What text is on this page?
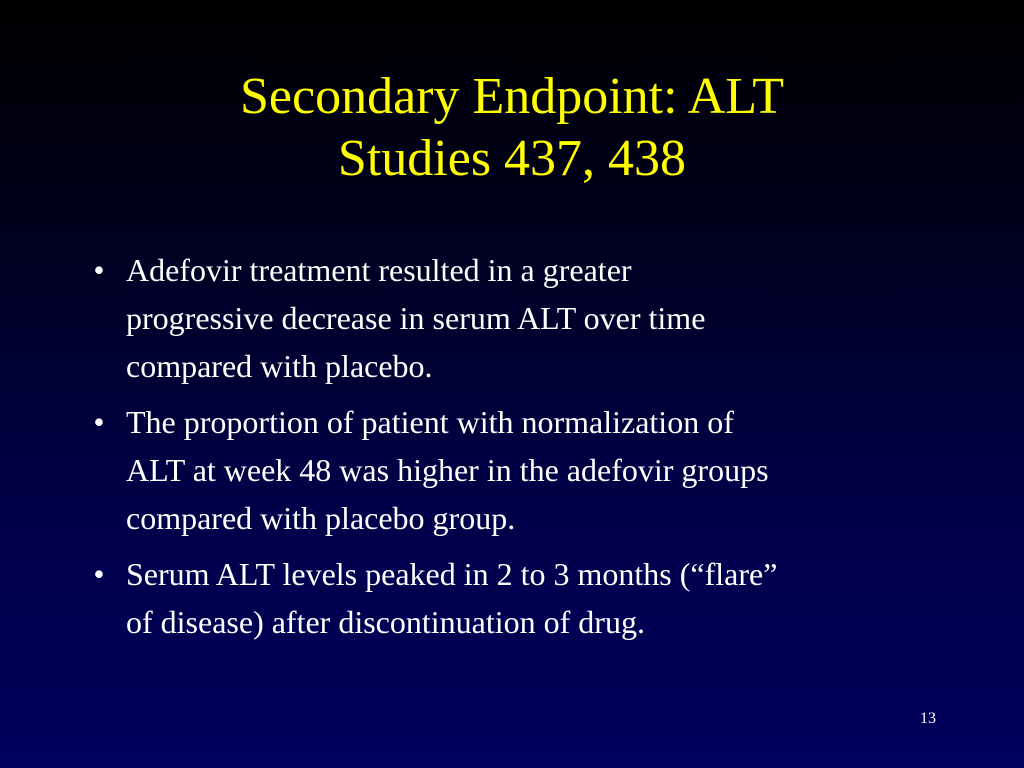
Secondary Endpoint: ALT
Studies 437, 438
• Adefovir treatment resulted in a greater
progressive decrease in serum ALT over time
compared with placebo.
• The proportion of patient with normalization of
ALT at week 48 was higher in the adefovir groups
compared with placebo group.
• Serum ALT levels peaked in 2 to 3 months (“flare”
of disease) after discontinuation of drug.
13
